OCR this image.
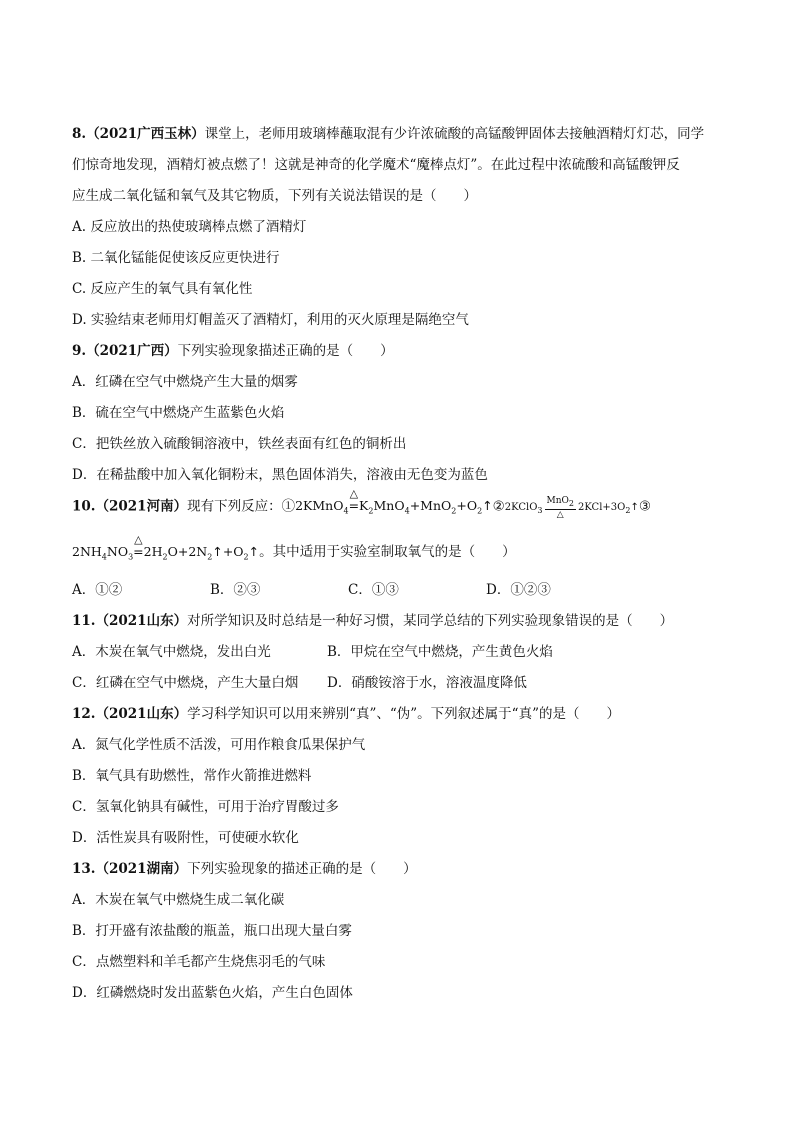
8.（2021广西玉林）课堂上，老师用玻璃棒蘸取混有少许浓硫酸的高锰酸钾固体去接触酒精灯灯芯，同学
们惊奇地发现，酒精灯被点燃了！这就是神奇的化学魔术“魔棒点灯”。在此过程中浓硫酸和高锰酸钾反
应生成二氧化锰和氧气及其它物质，下列有关说法错误的是（　　）
A. 反应放出的热使玻璃棒点燃了酒精灯
B. 二氧化锰能促使该反应更快进行
C. 反应产生的氧气具有氧化性
D. 实验结束老师用灯帽盖灭了酒精灯，利用的灭火原理是隔绝空气
9.（2021广西）下列实验现象描述正确的是（　　）
A．红磷在空气中燃烧产生大量的烟雾
B．硫在空气中燃烧产生蓝紫色火焰
C．把铁丝放入硫酸铜溶液中，铁丝表面有红色的铜析出
D．在稀盐酸中加入氧化铜粉末，黑色固体消失，溶液由无色变为蓝色
10.（2021河南）现有下列反应：①2KMnO$_4$
△
$=K_2MnO_4+MnO_2+O_2↑②2KClO_3 \frac{MnO_2}{\triangle}$ $2KCl+3O_2↑③$
$2NH_4NO_3$
△
$=2H_2O+2N_2↑+O_2↑$。其中适用于实验室制取氧气的是（　　）
A．①②	B．②③	C．①③	D．①②③
11.（2021山东）对所学知识及时总结是一种好习惯，某同学总结的下列实验现象错误的是（　　）
A．木炭在氧气中燃烧，发出白光	B．甲烷在空气中燃烧，产生黄色火焰
C．红磷在空气中燃烧，产生大量白烟	D．硝酸铵溶于水，溶液温度降低
12.（2021山东）学习科学知识可以用来辨别“真”、“伪”。下列叙述属于“真”的是（　　）
A．氮气化学性质不活泼，可用作粮食瓜果保护气
B．氧气具有助燃性，常作火箭推进燃料
C．氢氧化钠具有碱性，可用于治疗胃酸过多
D．活性炭具有吸附性，可使硬水软化
13.（2021湖南）下列实验现象的描述正确的是（　　）
A．木炭在氧气中燃烧生成二氧化碳
B．打开盛有浓盐酸的瓶盖，瓶口出现大量白雾
C．点燃塑料和羊毛都产生烧焦羽毛的气味
D．红磷燃烧时发出蓝紫色火焰，产生白色固体
